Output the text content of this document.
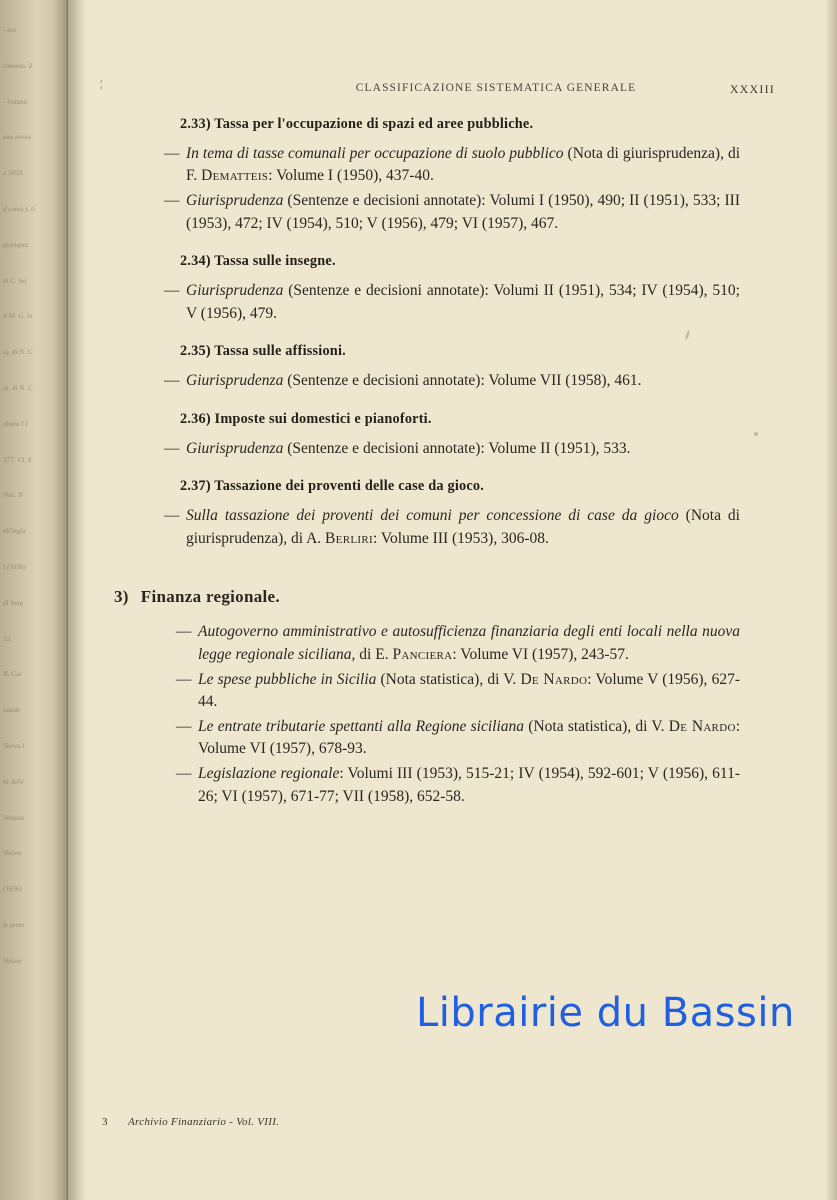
- mo
rimento, il
- Volumi
nza aveva
a 5650.
d coma ), ti
giurispru
di C. Sri
li M. G. la
a), di N. C
a), di N. C
olumi I I
577, VI, 8
Nuc. II
ell'ingiu
I (1956)
di Inng
53.
B. Cac
ionale
Terres l
tti delV
Volume
Volum
(1956)
le prem
Volum
¦	CLASSIFICAZIONE SISTEMATICA GENERALE	XXXIII
2.33) Tassa per l'occupazione di spazi ed aree pubbliche.
— In tema di tasse comunali per occupazione di suolo pubblico (Nota di giurisprudenza), di F. Dematteis: Volume I (1950), 437-40.
— Giurisprudenza (Sentenze e decisioni annotate): Volumi I (1950), 490; II (1951), 533; III (1953), 472; IV (1954), 510; V (1956), 479; VI (1957), 467.
2.34) Tassa sulle insegne.
— Giurisprudenza (Sentenze e decisioni annotate): Volumi II (1951), 534; IV (1954), 510; V (1956), 479.
2.35) Tassa sulle affissioni.
— Giurisprudenza (Sentenze e decisioni annotate): Volume VII (1958), 461.
2.36) Imposte sui domestici e pianoforti.
— Giurisprudenza (Sentenze e decisioni annotate): Volume II (1951), 533.
2.37) Tassazione dei proventi delle case da gioco.
— Sulla tassazione dei proventi dei comuni per concessione di case da gioco (Nota di giurisprudenza), di A. Berliri: Volume III (1953), 306-08.
3) Finanza regionale.
— Autogoverno amministrativo e autosufficienza finanziaria degli enti locali nella nuova legge regionale siciliana, di E. Panciera: Volume VI (1957), 243-57.
— Le spese pubbliche in Sicilia (Nota statistica), di V. De Nardo: Volume V (1956), 627-44.
— Le entrate tributarie spettanti alla Regione siciliana (Nota statistica), di V. De Nardo: Volume VI (1957), 678-93.
— Legislazione regionale: Volumi III (1953), 515-21; IV (1954), 592-601; V (1956), 611-26; VI (1957), 671-77; VII (1958), 652-58.
Librairie du Bassin
3 Archivio Finanziario - Vol. VIII.
